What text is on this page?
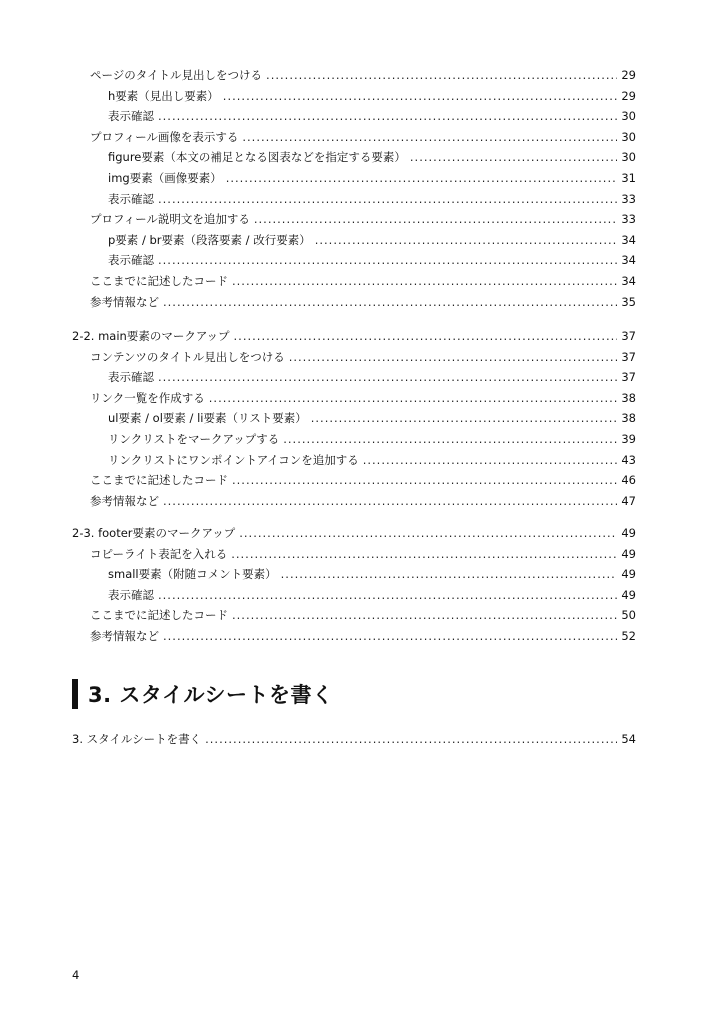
ページのタイトル見出しをつける .....	29
h要素（見出し要素） .....	29
表示確認 .....	30
プロフィール画像を表示する .....	30
figure要素（本文の補足となる図表などを指定する要素） .....	30
img要素（画像要素） .....	31
表示確認 .....	33
プロフィール説明文を追加する .....	33
p要素 / br要素（段落要素 / 改行要素） .....	34
表示確認 .....	34
ここまでに記述したコード .....	34
参考情報など .....	35
2-2. main要素のマークアップ .....	37
コンテンツのタイトル見出しをつける .....	37
表示確認 .....	37
リンク一覧を作成する .....	38
ul要素 / ol要素 / li要素（リスト要素） .....	38
リンクリストをマークアップする .....	39
リンクリストにワンポイントアイコンを追加する .....	43
ここまでに記述したコード .....	46
参考情報など .....	47
2-3. footer要素のマークアップ .....	49
コピーライト表記を入れる .....	49
small要素（附随コメント要素） .....	49
表示確認 .....	49
ここまでに記述したコード .....	50
参考情報など .....	52
3. スタイルシートを書く .....	54
3. スタイルシートを書く
4
